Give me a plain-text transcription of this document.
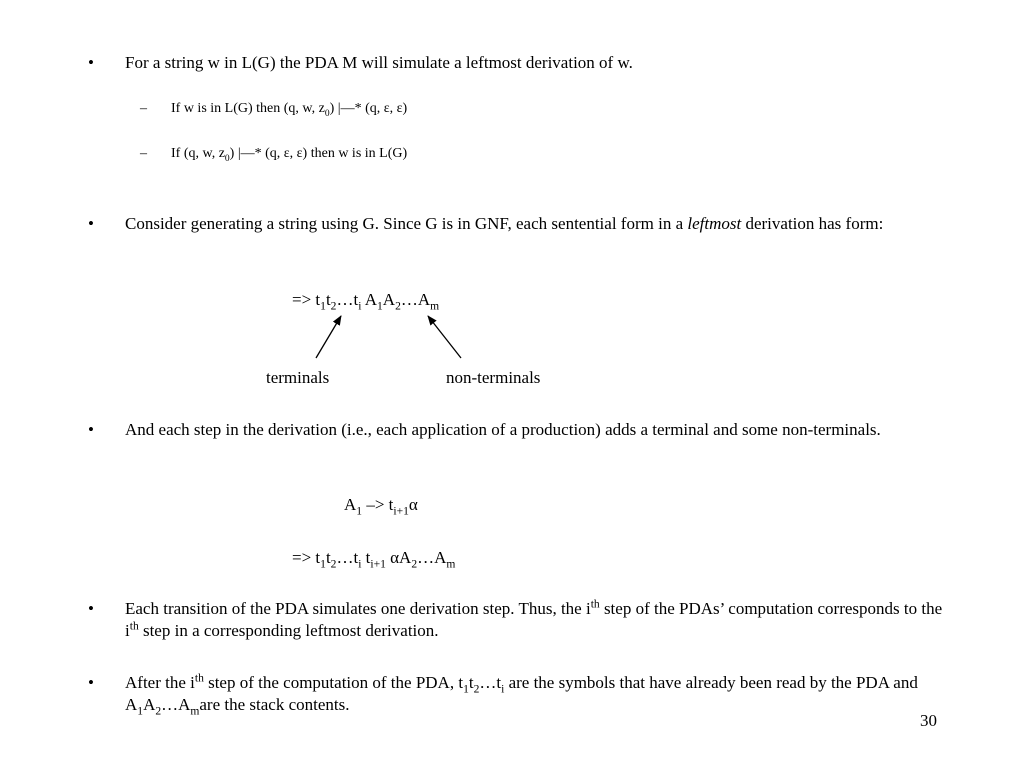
• For a string w in L(G) the PDA M will simulate a leftmost derivation of w.
– If w is in L(G) then (q, w, $z_0$) |—* (q, ε, ε)
– If (q, w, $z_0$) |—* (q, ε, ε) then w is in L(G)
• Consider generating a string using G. Since G is in GNF, each sentential form in a leftmost derivation has form:
=> $t_1t_2\dots t_i$ $A_1A_2\dots A_m$
terminals	non-terminals
• And each step in the derivation (i.e., each application of a production) adds a terminal and some non-terminals.
$A_1 -> t_{i+1}\alpha$
=> $t_1t_2\dots t_i$ $t_{i+1}$ $\alpha A_2\dots A_m$
• Each transition of the PDA simulates one derivation step. Thus, the $i^{th}$ step of the PDAs’ computation corresponds to the $i^{th}$ step in a corresponding leftmost derivation.
• After the $i^{th}$ step of the computation of the PDA, $t_1t_2\dots t_i$ are the symbols that have already been read by the PDA and $A_1A_2\dots A_mare$ the stack contents.
30
